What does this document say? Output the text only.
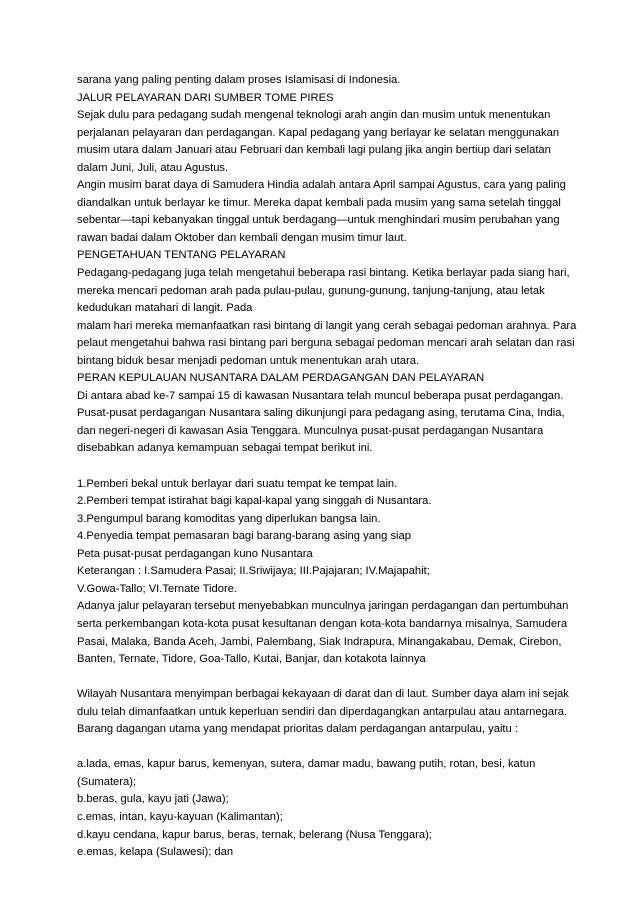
sarana yang paling penting dalam proses Islamisasi di Indonesia.
JALUR PELAYARAN DARI SUMBER TOME PIRES
Sejak dulu para pedagang sudah mengenal teknologi arah angin dan musim untuk menentukan
perjalanan pelayaran dan perdagangan. Kapal pedagang yang berlayar ke selatan menggunakan
musim utara dalam Januari atau Februari dan kembali lagi pulang jika angin bertiup dari selatan
dalam Juni, Juli, atau Agustus.
Angin musim barat daya di Samudera Hindia adalah antara April sampai Agustus, cara yang paling
diandalkan untuk berlayar ke timur. Mereka dapat kembali pada musim yang sama setelah tinggal
sebentar—tapi kebanyakan tinggal untuk berdagang—untuk menghindari musim perubahan yang
rawan badai dalam Oktober dan kembali dengan musim timur laut.
PENGETAHUAN TENTANG PELAYARAN
Pedagang-pedagang juga telah mengetahui beberapa rasi bintang. Ketika berlayar pada siang hari,
mereka mencari pedoman arah pada pulau-pulau, gunung-gunung, tanjung-tanjung, atau letak
kedudukan matahari di langit. Pada
malam hari mereka memanfaatkan rasi bintang di langit yang cerah sebagai pedoman arahnya. Para
pelaut mengetahui bahwa rasi bintang pari berguna sebagai pedoman mencari arah selatan dan rasi
bintang biduk besar menjadi pedoman untuk menentukan arah utara.
PERAN KEPULAUAN NUSANTARA DALAM PERDAGANGAN DAN PELAYARAN
Di antara abad ke-7 sampai 15 di kawasan Nusantara telah muncul beberapa pusat perdagangan.
Pusat-pusat perdagangan Nusantara saling dikunjungi para pedagang asing, terutama Cina, India,
dan negeri-negeri di kawasan Asia Tenggara. Munculnya pusat-pusat perdagangan Nusantara
disebabkan adanya kemampuan sebagai tempat berikut ini.
1.Pemberi bekal untuk berlayar dari suatu tempat ke tempat lain.
2.Pemberi tempat istirahat bagi kapal-kapal yang singgah di Nusantara.
3.Pengumpul barang komoditas yang diperlukan bangsa lain.
4.Penyedia tempat pemasaran bagi barang-barang asing yang siap
Peta pusat-pusat perdagangan kuno Nusantara
Keterangan : I.Samudera Pasai; II.Sriwijaya; III.Pajajaran; IV.Majapahit;
V.Gowa-Tallo; VI.Ternate Tidore.
Adanya jalur pelayaran tersebut menyebabkan munculnya jaringan perdagangan dan pertumbuhan
serta perkembangan kota-kota pusat kesultanan dengan kota-kota bandarnya misalnya, Samudera
Pasai, Malaka, Banda Aceh, Jambi, Palembang, Siak Indrapura, Minangakabau, Demak, Cirebon,
Banten, Ternate, Tidore, Goa-Tallo, Kutai, Banjar, dan kotakota lainnya
Wilayah Nusantara menyimpan berbagai kekayaan di darat dan di laut. Sumber daya alam ini sejak
dulu telah dimanfaatkan untuk keperluan sendiri dan diperdagangkan antarpulau atau antarnegara.
Barang dagangan utama yang mendapat prioritas dalam perdagangan antarpulau, yaitu :
a.lada, emas, kapur barus, kemenyan, sutera, damar madu, bawang putih, rotan, besi, katun
(Sumatera);
b.beras, gula, kayu jati (Jawa);
c.emas, intan, kayu-kayuan (Kalimantan);
d.kayu cendana, kapur barus, beras, ternak, belerang (Nusa Tenggara);
e.emas, kelapa (Sulawesi); dan
